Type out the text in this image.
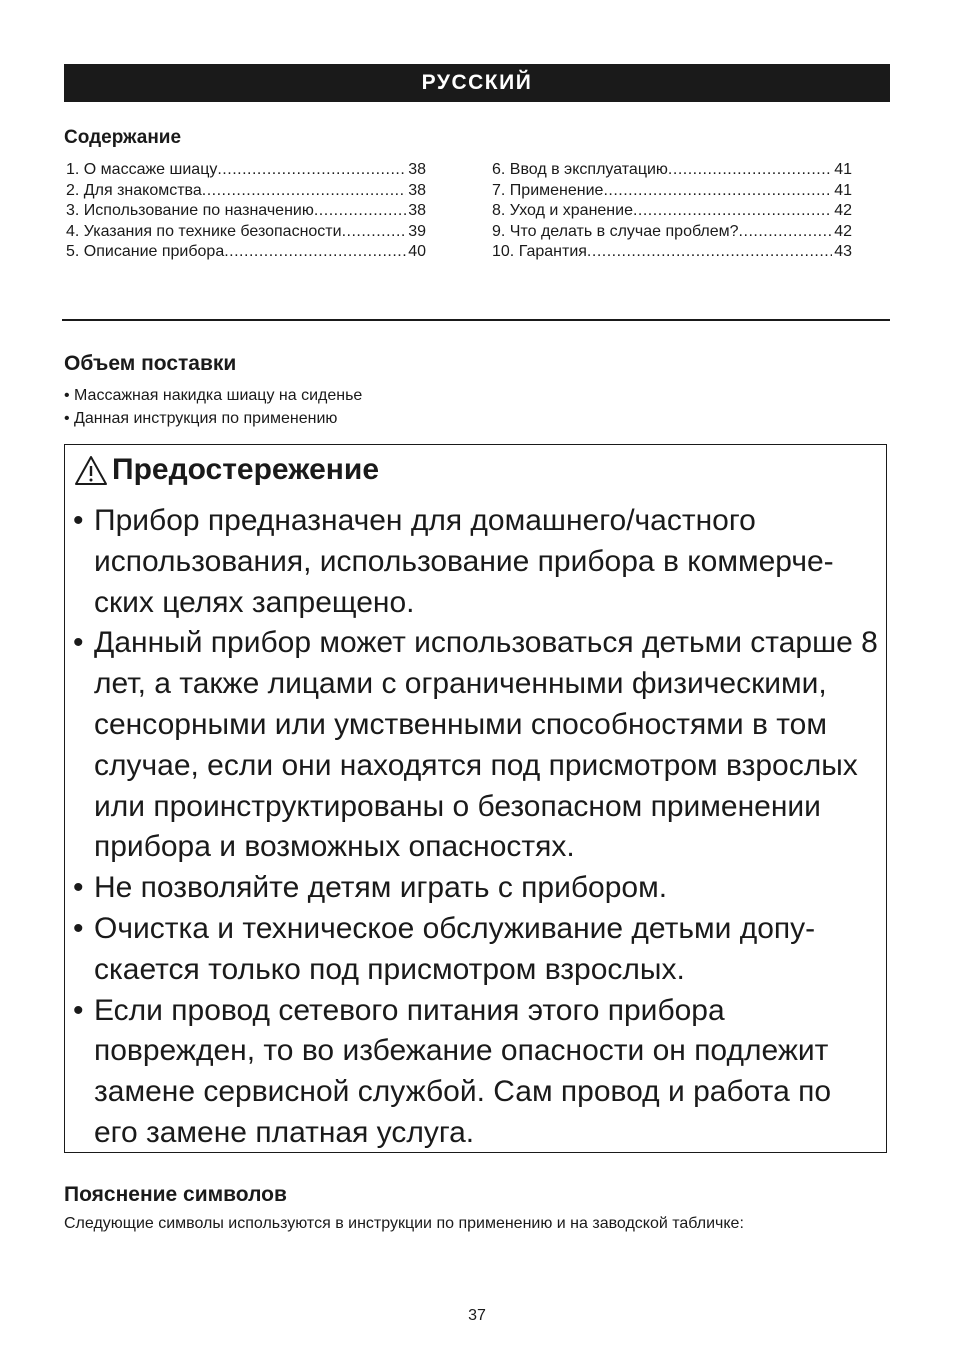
РУССКИЙ
Содержание
1. О массаже шиацу .....	38
2. Для знакомства .....	38
3. Использование по назначению .....	38
4. Указания по технике безопасности .....	39
5. Описание прибора .....	40
6. Ввод в эксплуатацию .....	41
7. Применение .....	41
8. Уход и хранение .....	42
9. Что делать в случае проблем? .....	42
10. Гарантия .....	43
Объем поставки
• Массажная накидка шиацу на сиденье
• Данная инструкция по применению
Предостережение
• Прибор предназначен для домашнего/частного использования, использование прибора в коммерче-ских целях запрещено.
• Данный прибор может использоваться детьми старше 8 лет, а также лицами с ограниченными физическими, сенсорными или умственными способностями в том случае, если они находятся под присмотром взрослых или проинструктированы о безопасном применении прибора и возможных опасностях.
• Не позволяйте детям играть с прибором.
• Очистка и техническое обслуживание детьми допу-скается только под присмотром взрослых.
• Если провод сетевого питания этого прибора поврежден, то во избежание опасности он подлежит замене сервисной службой. Сам провод и работа по его замене платная услуга.
Пояснение символов
Следующие символы используются в инструкции по применению и на заводской табличке:
37
